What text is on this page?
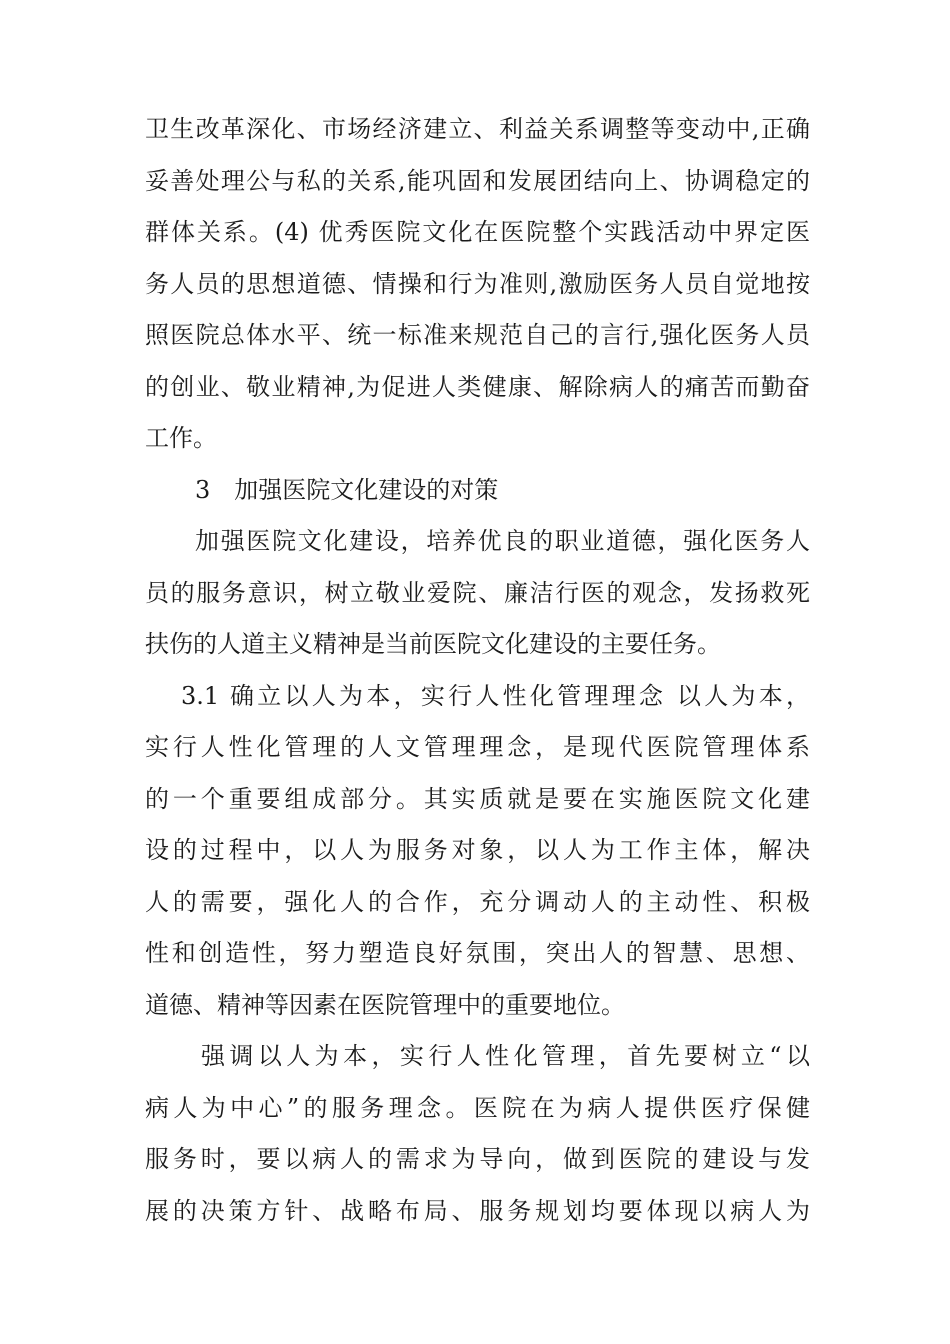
卫生改革深化、市场经济建立、利益关系调整等变动中,正确
妥善处理公与私的关系,能巩固和发展团结向上、协调稳定的
群体关系。(4) 优秀医院文化在医院整个实践活动中界定医
务人员的思想道德、情操和行为准则,激励医务人员自觉地按
照医院总体水平、统一标准来规范自己的言行,强化医务人员
的创业、敬业精神,为促进人类健康、解除病人的痛苦而勤奋
工作。
3　加强医院文化建设的对策
加强医院文化建设，培养优良的职业道德，强化医务人
员的服务意识，树立敬业爱院、廉洁行医的观念，发扬救死
扶伤的人道主义精神是当前医院文化建设的主要任务。
3.1 确立以人为本，实行人性化管理理念 以人为本，
实行人性化管理的人文管理理念，是现代医院管理体系
的一个重要组成部分。其实质就是要在实施医院文化建
设的过程中，以人为服务对象，以人为工作主体，解决
人的需要，强化人的合作，充分调动人的主动性、积极
性和创造性，努力塑造良好氛围，突出人的智慧、思想、
道德、精神等因素在医院管理中的重要地位。
强调以人为本，实行人性化管理，首先要树立“以
病人为中心”的服务理念。医院在为病人提供医疗保健
服务时，要以病人的需求为导向，做到医院的建设与发
展的决策方针、战略布局、服务规划均要体现以病人为
